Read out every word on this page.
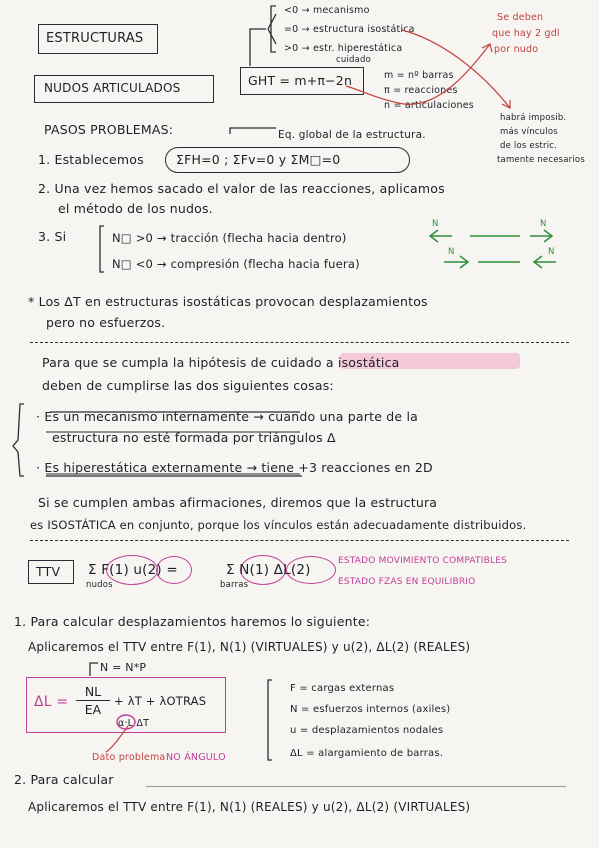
ESTRUCTURAS
NUDOS ARTICULADOS
<0 → mecanismo
=0 → estructura isostática
>0 → estr. hiperestática
cuidado
GHT = m+π−2n	m = nº barras
π = reacciones
n = articulaciones
Se deben
que hay 2 gdl
por nudo
habrá imposib.
más vínculos
de los estric.
tamente necesarios
PASOS PROBLEMAS:	Eq. global de la estructura.
1. Establecemos	ΣFH=0 ; ΣFv=0 y ΣM□=0
2. Una vez hemos sacado el valor de las reacciones, aplicamos
el método de los nudos.
3. Si	N□ >0 → tracción (flecha hacia dentro)
N□ <0 → compresión (flecha hacia fuera)
N	N
N	N
* Los ΔT en estructuras isostáticas provocan desplazamientos
pero no esfuerzos.
Para que se cumpla la hipótesis de cuidado a isostática
deben de cumplirse las dos siguientes cosas:
· Es un mecanismo internamente → cuando una parte de la
estructura no esté formada por triángulos Δ
· Es hiperestática externamente → tiene +3 reacciones en 2D
Si se cumplen ambas afirmaciones, diremos que la estructura
es ISOSTÁTICA en conjunto, porque los vínculos están adecuadamente distribuidos.
TTV Σ F(1) u(2) =
nudos
Σ N(1) ΔL(2)
barras
ESTADO MOVIMIENTO COMPATIBLES
ESTADO FZAS EN EQUILIBRIO
1. Para calcular desplazamientos haremos lo siguiente:
Aplicaremos el TTV entre F(1), N(1) (VIRTUALES) y u(2), ΔL(2) (REALES)
N = N*P
ΔL =
NL
EA
+ λT + λOTRAS
α·L·ΔT
Dato problema NO ÁNGULO
F = cargas externas
N = esfuerzos internos (axiles)
u = desplazamientos nodales
ΔL = alargamiento de barras.
2. Para calcular
Aplicaremos el TTV entre F(1), N(1) (REALES) y u(2), ΔL(2) (VIRTUALES)
